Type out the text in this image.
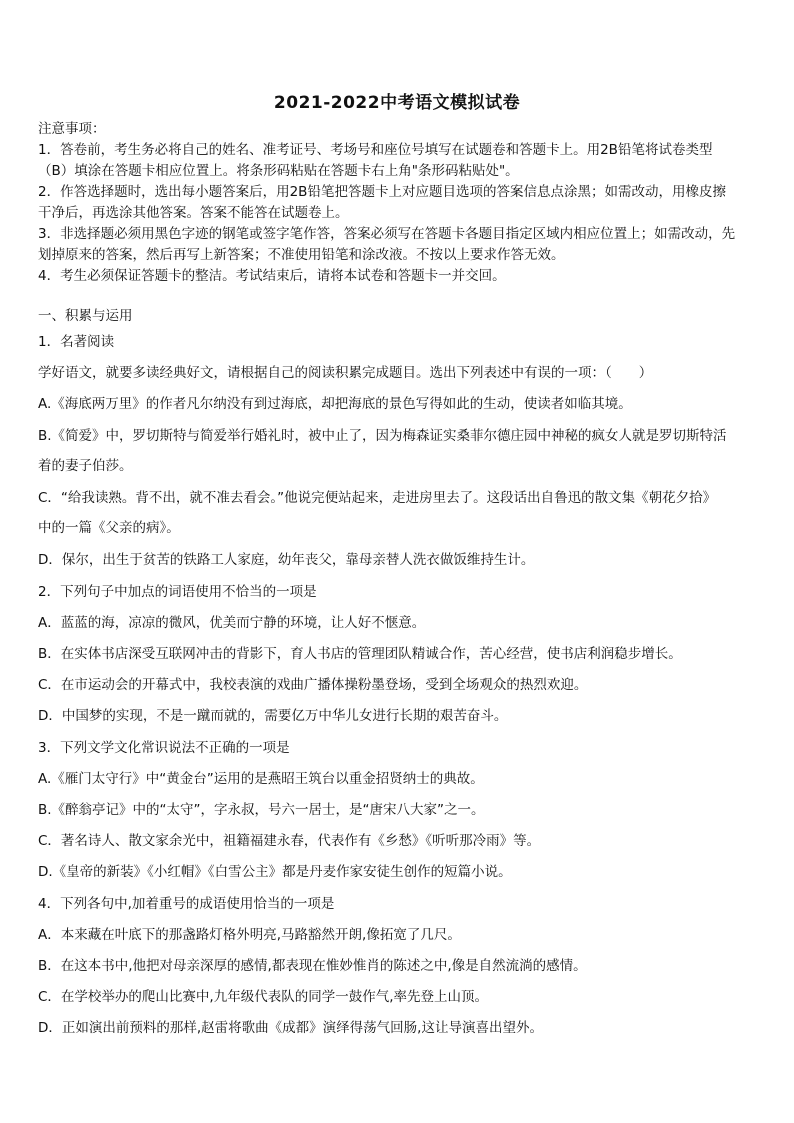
2021-2022中考语文模拟试卷
注意事项：
1．答卷前，考生务必将自己的姓名、准考证号、考场号和座位号填写在试题卷和答题卡上。用2B铅笔将试卷类型
（B）填涂在答题卡相应位置上。将条形码粘贴在答题卡右上角"条形码粘贴处"。
2．作答选择题时，选出每小题答案后，用2B铅笔把答题卡上对应题目选项的答案信息点涂黑；如需改动，用橡皮擦
干净后，再选涂其他答案。答案不能答在试题卷上。
3．非选择题必须用黑色字迹的钢笔或签字笔作答，答案必须写在答题卡各题目指定区域内相应位置上；如需改动，先
划掉原来的答案，然后再写上新答案；不准使用铅笔和涂改液。不按以上要求作答无效。
4．考生必须保证答题卡的整洁。考试结束后，请将本试卷和答题卡一并交回。
一、积累与运用
1．名著阅读
学好语文，就要多读经典好文，请根据自己的阅读积累完成题目。选出下列表述中有误的一项：（　　）
A.《海底两万里》的作者凡尔纳没有到过海底，却把海底的景色写得如此的生动，使读者如临其境。
B.《简爱》中，罗切斯特与简爱举行婚礼时，被中止了，因为梅森证实桑菲尔德庄园中神秘的疯女人就是罗切斯特活
着的妻子伯莎。
C．“给我读熟。背不出，就不准去看会。”他说完便站起来，走进房里去了。这段话出自鲁迅的散文集《朝花夕拾》
中的一篇《父亲的病》。
D．保尔，出生于贫苦的铁路工人家庭，幼年丧父，靠母亲替人洗衣做饭维持生计。
2．下列句子中加点的词语使用不恰当的一项是
A．蓝蓝的海，凉凉的微风，优美而宁静的环境，让人好不惬意。
B．在实体书店深受互联网冲击的背影下，育人书店的管理团队精诚合作，苦心经营，使书店利润稳步增长。
C．在市运动会的开幕式中，我校表演的戏曲广播体操粉墨登场，受到全场观众的热烈欢迎。
D．中国梦的实现，不是一蹴而就的，需要亿万中华儿女进行长期的艰苦奋斗。
3．下列文学文化常识说法不正确的一项是
A.《雁门太守行》中“黄金台”运用的是燕昭王筑台以重金招贤纳士的典故。
B.《醉翁亭记》中的“太守”，字永叔，号六一居士，是“唐宋八大家”之一。
C．著名诗人、散文家余光中，祖籍福建永春，代表作有《乡愁》《听听那冷雨》等。
D.《皇帝的新装》《小红帽》《白雪公主》都是丹麦作家安徒生创作的短篇小说。
4．下列各句中,加着重号的成语使用恰当的一项是
A．本来藏在叶底下的那盏路灯格外明亮,马路豁然开朗,像拓宽了几尺。
B．在这本书中,他把对母亲深厚的感情,都表现在惟妙惟肖的陈述之中,像是自然流淌的感情。
C．在学校举办的爬山比赛中,九年级代表队的同学一鼓作气,率先登上山顶。
D．正如演出前预料的那样,赵雷将歌曲《成都》演绎得荡气回肠,这让导演喜出望外。
